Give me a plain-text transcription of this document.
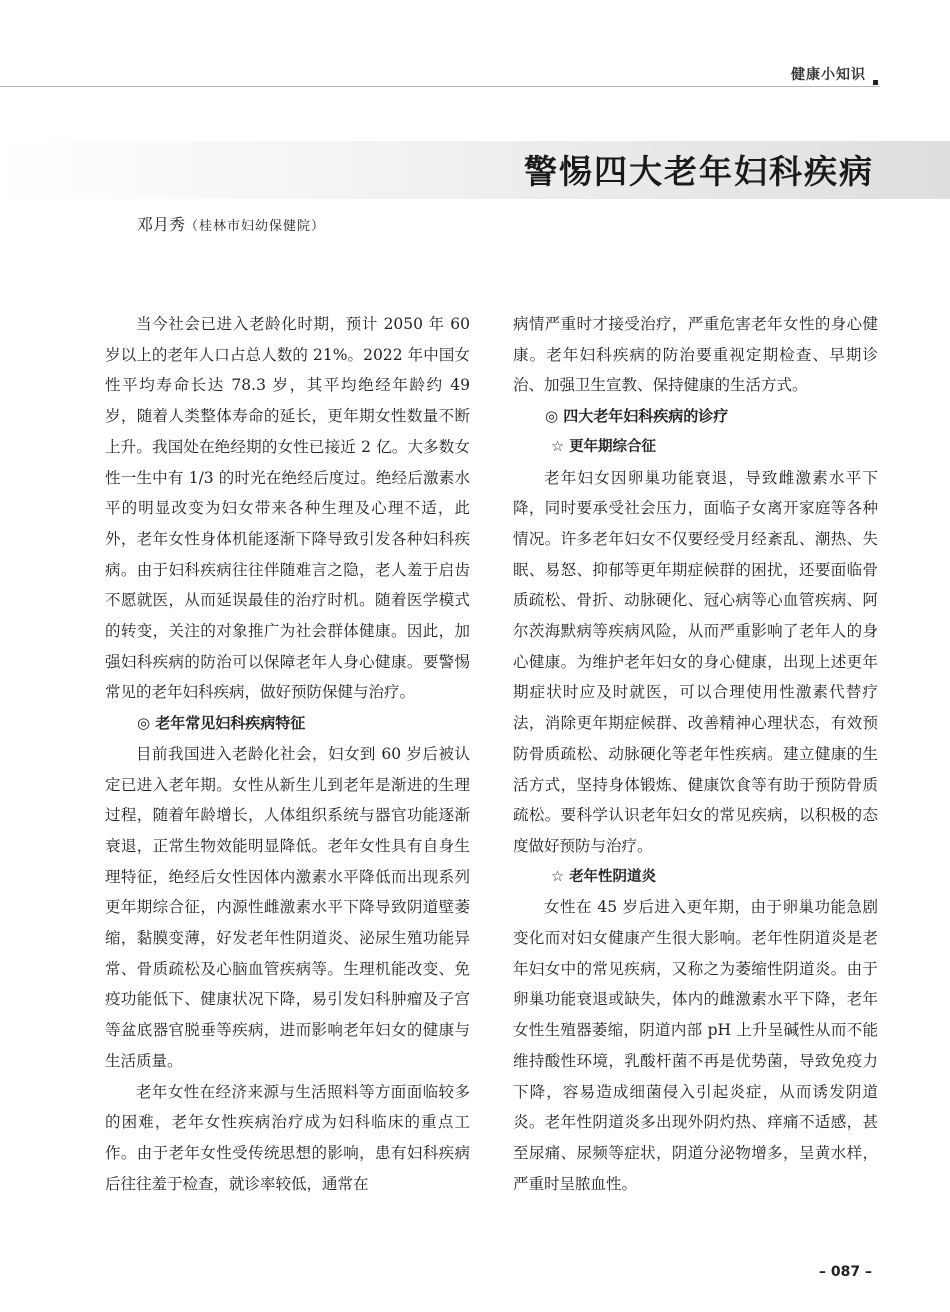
健康小知识
警惕四大老年妇科疾病
邓月秀（桂林市妇幼保健院）

当今社会已进入老龄化时期，预计 2050 年 60 岁以上的老年人口占总人数的 21%。2022 年中国女性平均寿命长达 78.3 岁，其平均绝经年龄约 49 岁，随着人类整体寿命的延长，更年期女性数量不断上升。我国处在绝经期的女性已接近 2 亿。大多数女性一生中有 1/3 的时光在绝经后度过。绝经后激素水平的明显改变为妇女带来各种生理及心理不适，此外，老年女性身体机能逐渐下降导致引发各种妇科疾病。由于妇科疾病往往伴随难言之隐，老人羞于启齿不愿就医，从而延误最佳的治疗时机。随着医学模式的转变，关注的对象推广为社会群体健康。因此，加强妇科疾病的防治可以保障老年人身心健康。要警惕常见的老年妇科疾病，做好预防保健与治疗。

◎ 老年常见妇科疾病特征

目前我国进入老龄化社会，妇女到 60 岁后被认定已进入老年期。女性从新生儿到老年是渐进的生理过程，随着年龄增长，人体组织系统与器官功能逐渐衰退，正常生物效能明显降低。老年女性具有自身生理特征，绝经后女性因体内激素水平降低而出现系列更年期综合征，内源性雌激素水平下降导致阴道壁萎缩，黏膜变薄，好发老年性阴道炎、泌尿生殖功能异常、骨质疏松及心脑血管疾病等。生理机能改变、免疫功能低下、健康状况下降，易引发妇科肿瘤及子宫等盆底器官脱垂等疾病，进而影响老年妇女的健康与生活质量。

老年女性在经济来源与生活照料等方面面临较多的困难，老年女性疾病治疗成为妇科临床的重点工作。由于老年女性受传统思想的影响，患有妇科疾病后往往羞于检查，就诊率较低，通常在

病情严重时才接受治疗，严重危害老年女性的身心健康。老年妇科疾病的防治要重视定期检查、早期诊治、加强卫生宣教、保持健康的生活方式。

◎ 四大老年妇科疾病的诊疗
☆ 更年期综合征

老年妇女因卵巢功能衰退，导致雌激素水平下降，同时要承受社会压力，面临子女离开家庭等各种情况。许多老年妇女不仅要经受月经紊乱、潮热、失眠、易怒、抑郁等更年期症候群的困扰，还要面临骨质疏松、骨折、动脉硬化、冠心病等心血管疾病、阿尔茨海默病等疾病风险，从而严重影响了老年人的身心健康。为维护老年妇女的身心健康，出现上述更年期症状时应及时就医，可以合理使用性激素代替疗法，消除更年期症候群、改善精神心理状态，有效预防骨质疏松、动脉硬化等老年性疾病。建立健康的生活方式，坚持身体锻炼、健康饮食等有助于预防骨质疏松。要科学认识老年妇女的常见疾病，以积极的态度做好预防与治疗。

☆ 老年性阴道炎

女性在 45 岁后进入更年期，由于卵巢功能急剧变化而对妇女健康产生很大影响。老年性阴道炎是老年妇女中的常见疾病，又称之为萎缩性阴道炎。由于卵巢功能衰退或缺失，体内的雌激素水平下降，老年女性生殖器萎缩，阴道内部 pH 上升呈碱性从而不能维持酸性环境，乳酸杆菌不再是优势菌，导致免疫力下降，容易造成细菌侵入引起炎症，从而诱发阴道炎。老年性阴道炎多出现外阴灼热、痒痛不适感，甚至尿痛、尿频等症状，阴道分泌物增多，呈黄水样，严重时呈脓血性。

– 087 –
